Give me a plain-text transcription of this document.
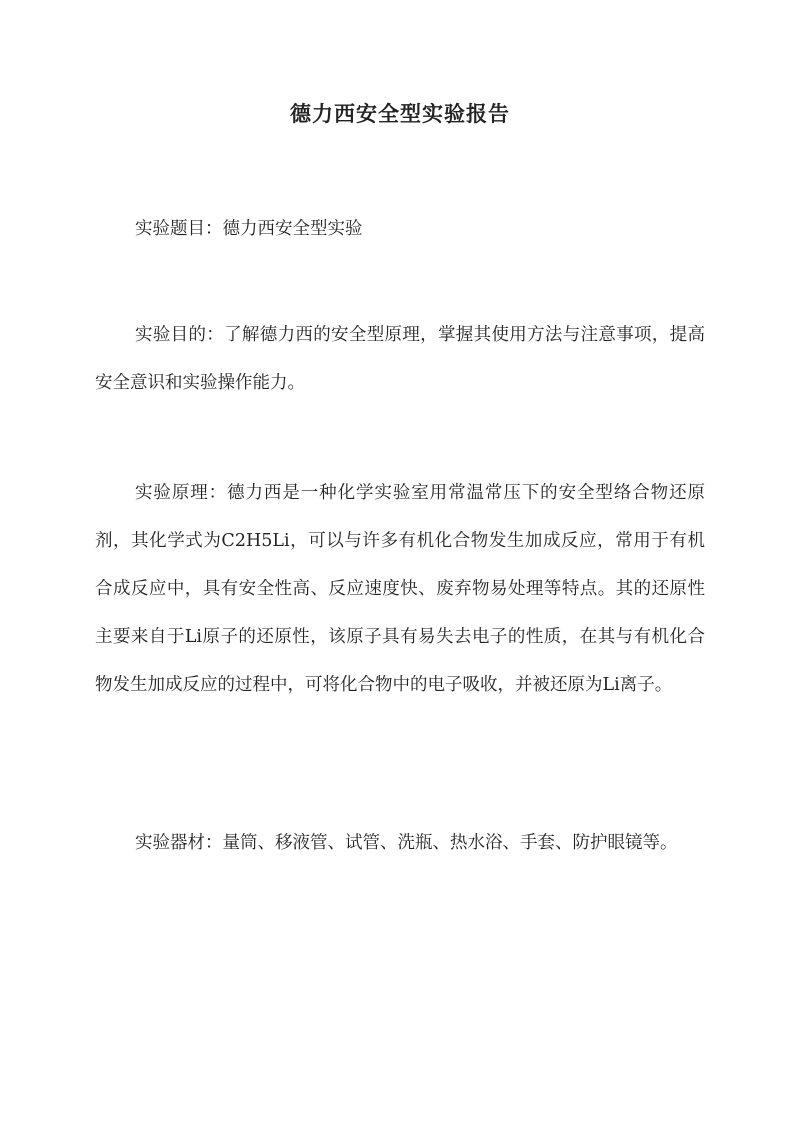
德力西安全型实验报告

实验题目：德力西安全型实验

实验目的：了解德力西的安全型原理，掌握其使用方法与注意事项，提高安全意识和实验操作能力。

实验原理：德力西是一种化学实验室用常温常压下的安全型络合物还原剂，其化学式为C2H5Li，可以与许多有机化合物发生加成反应，常用于有机合成反应中，具有安全性高、反应速度快、废弃物易处理等特点。其的还原性主要来自于Li原子的还原性，该原子具有易失去电子的性质，在其与有机化合物发生加成反应的过程中，可将化合物中的电子吸收，并被还原为Li离子。

实验器材：量筒、移液管、试管、洗瓶、热水浴、手套、防护眼镜等。
